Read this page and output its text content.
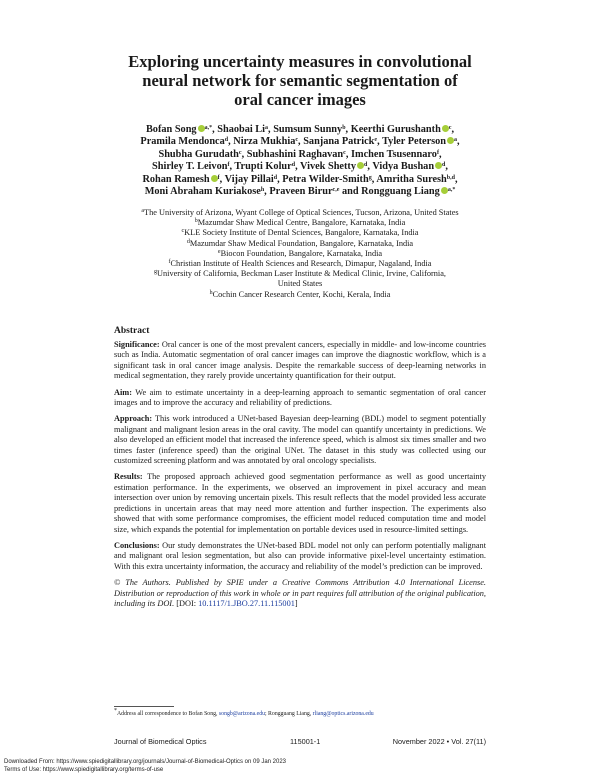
Exploring uncertainty measures in convolutional
neural network for semantic segmentation of
oral cancer images
Bofan Song $^{a,*}$, Shaobai Li$^a$, Sumsum Sunny$^b$, Keerthi Gurushanth $^c$,
Pramila Mendonca$^d$, Nirza Mukhia$^c$, Sanjana Patrick$^e$, Tyler Peterson $^a$,
Shubha Gurudath$^c$, Subhashini Raghavan$^c$, Imchen Tsusennaro$^f$,
Shirley T. Leivon$^f$, Trupti Kolur$^d$, Vivek Shetty $^d$, Vidya Bushan $^d$,
Rohan Ramesh $^f$, Vijay Pillai$^d$, Petra Wilder-Smith$^g$, Amritha Suresh$^{b,d}$,
Moni Abraham Kuriakose$^h$, Praveen Birur$^{c,e}$ and Rongguang Liang $^{a,*}$
$^a$The University of Arizona, Wyant College of Optical Sciences, Tucson, Arizona, United States
$^b$Mazumdar Shaw Medical Centre, Bangalore, Karnataka, India
$^c$KLE Society Institute of Dental Sciences, Bangalore, Karnataka, India
$^d$Mazumdar Shaw Medical Foundation, Bangalore, Karnataka, India
$^e$Biocon Foundation, Bangalore, Karnataka, India
$^f$Christian Institute of Health Sciences and Research, Dimapur, Nagaland, India
$^g$University of California, Beckman Laser Institute & Medical Clinic, Irvine, California,
United States
$^h$Cochin Cancer Research Center, Kochi, Kerala, India
Abstract

Significance: Oral cancer is one of the most prevalent cancers, especially in middle- and low-income countries such as India. Automatic segmentation of oral cancer images can improve the diagnostic workflow, which is a significant task in oral cancer image analysis. Despite the remarkable success of deep-learning networks in medical segmentation, they rarely provide uncertainty quantification for their output.

Aim: We aim to estimate uncertainty in a deep-learning approach to semantic segmentation of oral cancer images and to improve the accuracy and reliability of predictions.

Approach: This work introduced a UNet-based Bayesian deep-learning (BDL) model to segment potentially malignant and malignant lesion areas in the oral cavity. The model can quantify uncertainty in predictions. We also developed an efficient model that increased the inference speed, which is almost six times smaller and two times faster (inference speed) than the original UNet. The dataset in this study was collected using our customized screening platform and was annotated by oral oncology specialists.

Results: The proposed approach achieved good segmentation performance as well as good uncertainty estimation performance. In the experiments, we observed an improvement in pixel accuracy and mean intersection over union by removing uncertain pixels. This result reflects that the model provided less accurate predictions in uncertain areas that may need more attention and further inspection. The experiments also showed that with some performance compromises, the efficient model reduced computation time and model size, which expands the potential for implementation on portable devices used in resource-limited settings.

Conclusions: Our study demonstrates the UNet-based BDL model not only can perform potentially malignant and malignant oral lesion segmentation, but also can provide informative pixel-level uncertainty estimation. With this extra uncertainty information, the accuracy and reliability of the model’s prediction can be improved.

© The Authors. Published by SPIE under a Creative Commons Attribution 4.0 International License. Distribution or reproduction of this work in whole or in part requires full attribution of the original publication, including its DOI. [DOI: 10.1117/1.JBO.27.11.115001]

*Address all correspondence to Bofan Song, songb@arizona.edu; Rongguang Liang, rliang@optics.arizona.edu
Journal of Biomedical Optics	115001-1	November 2022 • Vol. 27(11)
Downloaded From: https://www.spiedigitallibrary.org/journals/Journal-of-Biomedical-Optics on 09 Jan 2023
Terms of Use: https://www.spiedigitallibrary.org/terms-of-use
